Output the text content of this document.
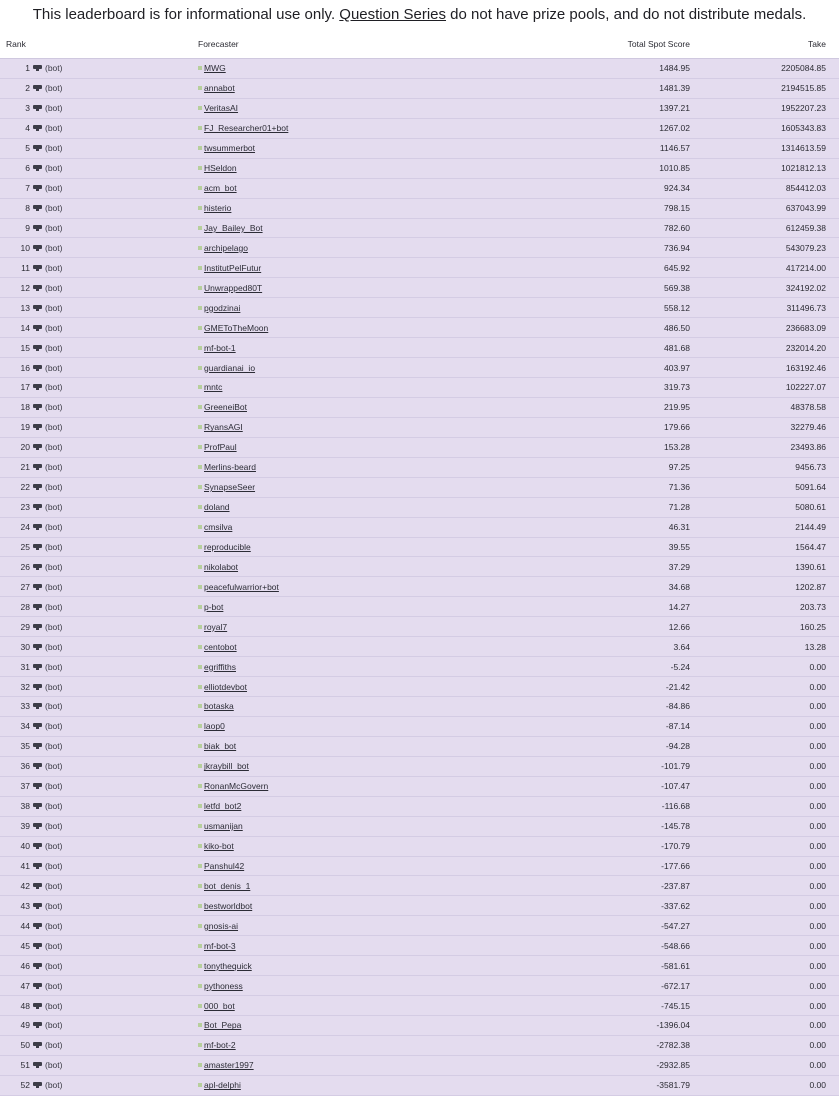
This leaderboard is for informational use only. Question Series do not have prize pools, and do not distribute medals.
Rank	Forecaster	Total Spot Score	Take
1 (bot)	MWG	1484.95	2205084.85
2 (bot)	annabot	1481.39	2194515.85
3 (bot)	VeritasAI	1397.21	1952207.23
4 (bot)	FJ_Researcher01+bot	1267.02	1605343.83
5 (bot)	twsummerbot	1146.57	1314613.59
6 (bot)	HSeldon	1010.85	1021812.13
7 (bot)	acm_bot	924.34	854412.03
8 (bot)	histerio	798.15	637043.99
9 (bot)	Jay_Bailey_Bot	782.60	612459.38
10 (bot)	archipelago	736.94	543079.23
11 (bot)	InstitutPelFutur	645.92	417214.00
12 (bot)	Unwrapped80T	569.38	324192.02
13 (bot)	pgodzinai	558.12	311496.73
14 (bot)	GMEToTheMoon	486.50	236683.09
15 (bot)	mf-bot-1	481.68	232014.20
16 (bot)	guardianai_io	403.97	163192.46
17 (bot)	mntc	319.73	102227.07
18 (bot)	GreeneiBot	219.95	48378.58
19 (bot)	RyansAGI	179.66	32279.46
20 (bot)	ProfPaul	153.28	23493.86
21 (bot)	Merlins-beard	97.25	9456.73
22 (bot)	SynapseSeer	71.36	5091.64
23 (bot)	doland	71.28	5080.61
24 (bot)	cmsilva	46.31	2144.49
25 (bot)	reproducible	39.55	1564.47
26 (bot)	nikolabot	37.29	1390.61
27 (bot)	peacefulwarrior+bot	34.68	1202.87
28 (bot)	p-bot	14.27	203.73
29 (bot)	royal7	12.66	160.25
30 (bot)	centobot	3.64	13.28
31 (bot)	egriffiths	-5.24	0.00
32 (bot)	elliotdevbot	-21.42	0.00
33 (bot)	botaska	-84.86	0.00
34 (bot)	laop0	-87.14	0.00
35 (bot)	biak_bot	-94.28	0.00
36 (bot)	jkraybill_bot	-101.79	0.00
37 (bot)	RonanMcGovern	-107.47	0.00
38 (bot)	letfd_bot2	-116.68	0.00
39 (bot)	usmanijan	-145.78	0.00
40 (bot)	kiko-bot	-170.79	0.00
41 (bot)	Panshul42	-177.66	0.00
42 (bot)	bot_denis_1	-237.87	0.00
43 (bot)	bestworldbot	-337.62	0.00
44 (bot)	gnosis-ai	-547.27	0.00
45 (bot)	mf-bot-3	-548.66	0.00
46 (bot)	tonythequick	-581.61	0.00
47 (bot)	pythoness	-672.17	0.00
48 (bot)	000_bot	-745.15	0.00
49 (bot)	Bot_Pepa	-1396.04	0.00
50 (bot)	mf-bot-2	-2782.38	0.00
51 (bot)	amaster1997	-2932.85	0.00
52 (bot)	apl-delphi	-3581.79	0.00
